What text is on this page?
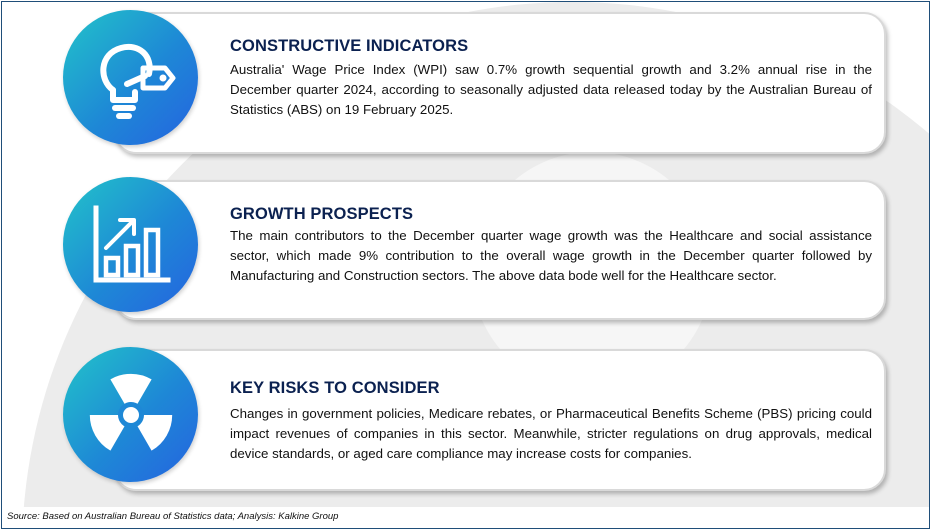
CONSTRUCTIVE INDICATORS

Australia' Wage Price Index (WPI) saw 0.7% growth sequential growth and 3.2% annual rise in the December quarter 2024, according to seasonally adjusted data released today by the Australian Bureau of Statistics (ABS) on 19 February 2025.

GROWTH PROSPECTS

The main contributors to the December quarter wage growth was the Healthcare and social assistance sector, which made 9% contribution to the overall wage growth in the December quarter followed by Manufacturing and Construction sectors. The above data bode well for the Healthcare sector.

KEY RISKS TO CONSIDER

Changes in government policies, Medicare rebates, or Pharmaceutical Benefits Scheme (PBS) pricing could impact revenues of companies in this sector. Meanwhile, stricter regulations on drug approvals, medical device standards, or aged care compliance may increase costs for companies.

Source: Based on Australian Bureau of Statistics data; Analysis: Kalkine Group
